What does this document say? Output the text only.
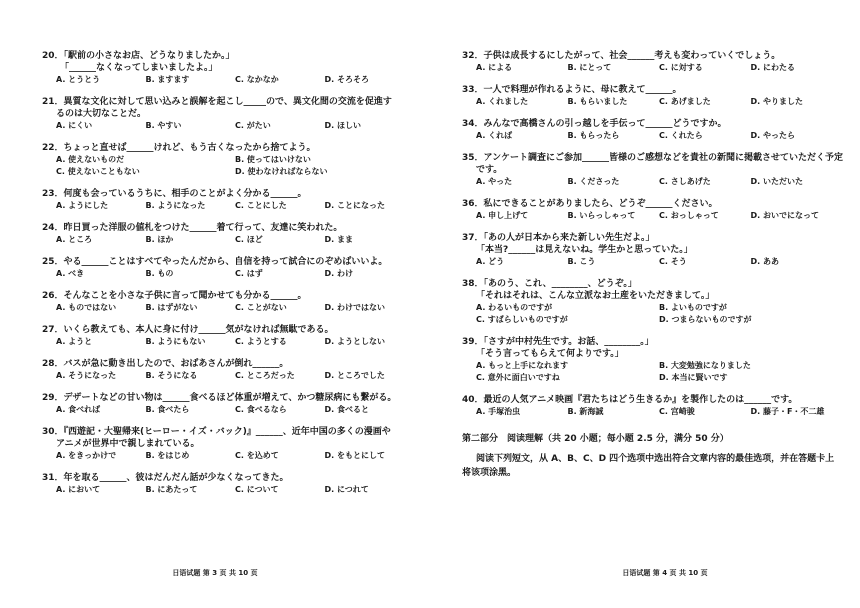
20．「駅前の小さなお店、どうなりましたか。」

「______なくなってしまいましたよ。」

A. とうとう	B. ますます	C. なかなか	D. そろそろ

21．異質な文化に対して思い込みと誤解を起こし_____ので、異文化間の交流を促進す

るのは大切なことだ。

A. にくい	B. やすい	C. がたい	D. ほしい

22．ちょっと直せば______けれど、もう古くなったから捨てよう。

A. 使えないものだ	B. 使ってはいけない
C. 使えないこともない	D. 使わなければならない

23．何度も会っているうちに、相手のことがよく分かる______。

A. ようにした	B. ようになった	C. ことにした	D. ことになった

24．昨日買った洋服の値札をつけた______着て行って、友達に笑われた。

A. ところ	B. ほか	C. ほど	D. まま

25．やる______ことはすべてやったんだから、自信を持って試合にのぞめばいいよ。

A. べき	B. もの	C. はず	D. わけ

26．そんなことを小さな子供に言って聞かせても分かる______。

A. ものではない	B. はずがない	C. ことがない	D. わけではない

27．いくら教えても、本人に身に付け______気がなければ無駄である。

A. ようと	B. ようにもない	C. ようとする	D. ようとしない

28．バスが急に動き出したので、おばあさんが倒れ______。

A. そうになった	B. そうになる	C. ところだった	D. ところでした

29．デザートなどの甘い物は______食べるほど体重が増えて、かつ糖尿病にも繋がる。

A. 食べれば	B. 食べたら	C. 食べるなら	D. 食べると

30．『西遊記・大聖帰来(ヒーロー・イズ・バック)』______、近年中国の多くの漫画や

アニメが世界中で親しまれている。

A. をきっかけで	B. をはじめ	C. を込めて	D. をもとにして

31．年を取る______、彼はだんだん話が少なくなってきた。

A. において	B. にあたって	C. について	D. につれて
日语试题 第 3 页 共 10 页

32．子供は成長するにしたがって、社会______考えも変わっていくでしょう。

A. による	B. にとって	C. に対する	D. にわたる

33．一人で料理が作れるように、母に教えて______。

A. くれました	B. もらいました	C. あげました	D. やりました

34．みんなで高橋さんの引っ越しを手伝って______どうですか。

A. くれば	B. もらったら	C. くれたら	D. やったら

35．アンケート調査にご参加______皆様のご感想などを貴社の新聞に掲載させていただく予定

です。

A. やった	B. くださった	C. さしあげた	D. いただいた

36．私にできることがありましたら、どうぞ______ください。

A. 申し上げて	B. いらっしゃって	C. おっしゃって	D. おいでになって

37．「あの人が日本から来た新しい先生だよ。」

「本当?______は見えないね。学生かと思っていた。」

A. どう	B. こう	C. そう	D. ああ

38．「あのう、これ、________、どうぞ。」

「それはそれは、こんな立派なお土産をいただきまして。」

A. わるいものですが	B. よいものですが
C. すばらしいものですが	D. つまらないものですが

39．「さすが中村先生です。お話、________。」

「そう言ってもらえて何よりです。」

A. もっと上手になれます	B. 大変勉強になりました
C. 意外に面白いですね	D. 本当に賢いです

40．最近の人気アニメ映画『君たちはどう生きるか』を製作したのは______です。

A. 手塚治虫	B. 新海誠	C. 宫崎骏	D. 藤子・F・不二雄
第二部分　阅读理解（共 20 小题；每小题 2.5 分，满分 50 分）

阅读下列短文，从 A、B、C、D 四个选项中选出符合文章内容的最佳选项，并在答题卡上将该项涂黑。

日语试题 第 4 页 共 10 页
